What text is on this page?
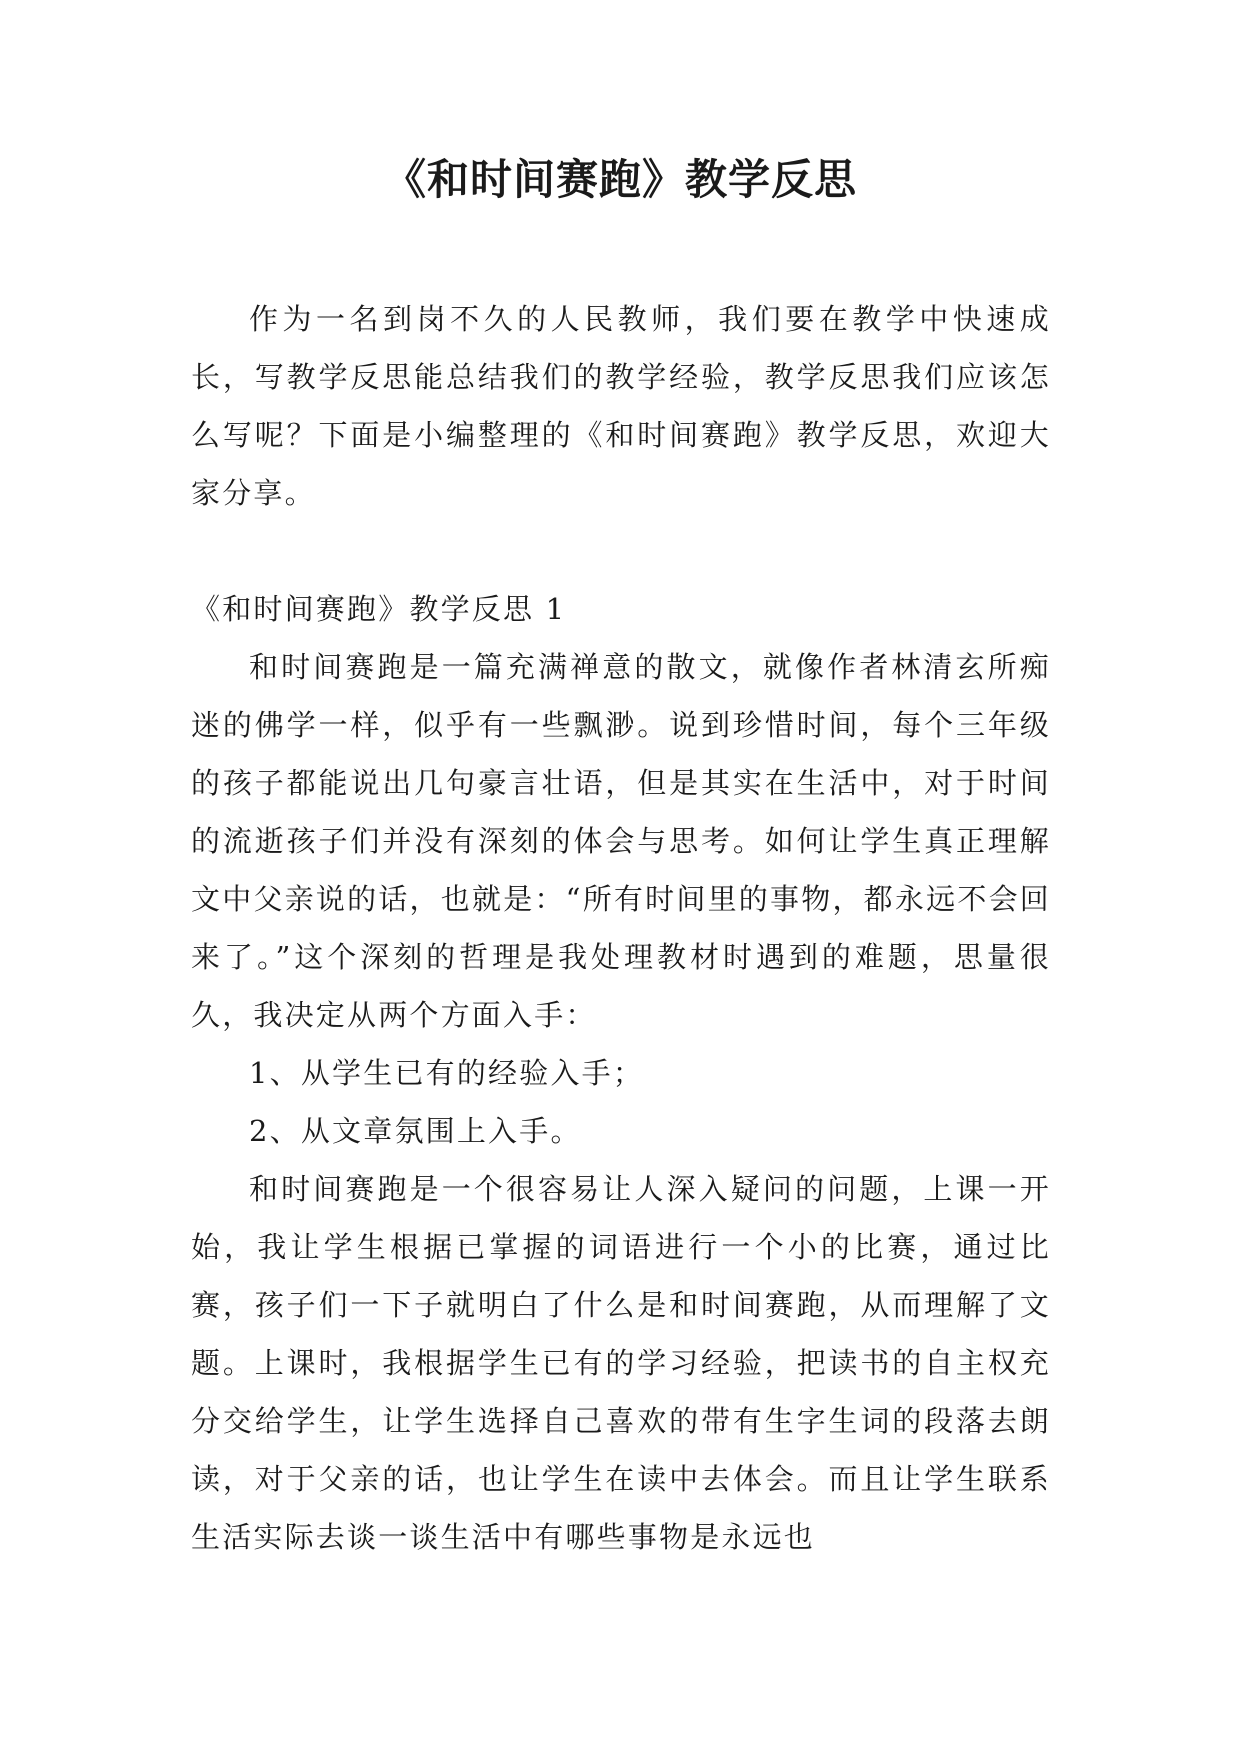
《和时间赛跑》教学反思

作为一名到岗不久的人民教师，我们要在教学中快速成长，写教学反思能总结我们的教学经验，教学反思我们应该怎么写呢？下面是小编整理的《和时间赛跑》教学反思，欢迎大家分享。

《和时间赛跑》教学反思 1

和时间赛跑是一篇充满禅意的散文，就像作者林清玄所痴迷的佛学一样，似乎有一些飘渺。说到珍惜时间，每个三年级的孩子都能说出几句豪言壮语，但是其实在生活中，对于时间的流逝孩子们并没有深刻的体会与思考。如何让学生真正理解文中父亲说的话，也就是：“所有时间里的事物，都永远不会回来了。”这个深刻的哲理是我处理教材时遇到的难题，思量很久，我决定从两个方面入手：

1、从学生已有的经验入手；

2、从文章氛围上入手。

和时间赛跑是一个很容易让人深入疑问的问题，上课一开始，我让学生根据已掌握的词语进行一个小的比赛，通过比赛，孩子们一下子就明白了什么是和时间赛跑，从而理解了文题。上课时，我根据学生已有的学习经验，把读书的自主权充分交给学生，让学生选择自己喜欢的带有生字生词的段落去朗读，对于父亲的话，也让学生在读中去体会。而且让学生联系生活实际去谈一谈生活中有哪些事物是永远也
